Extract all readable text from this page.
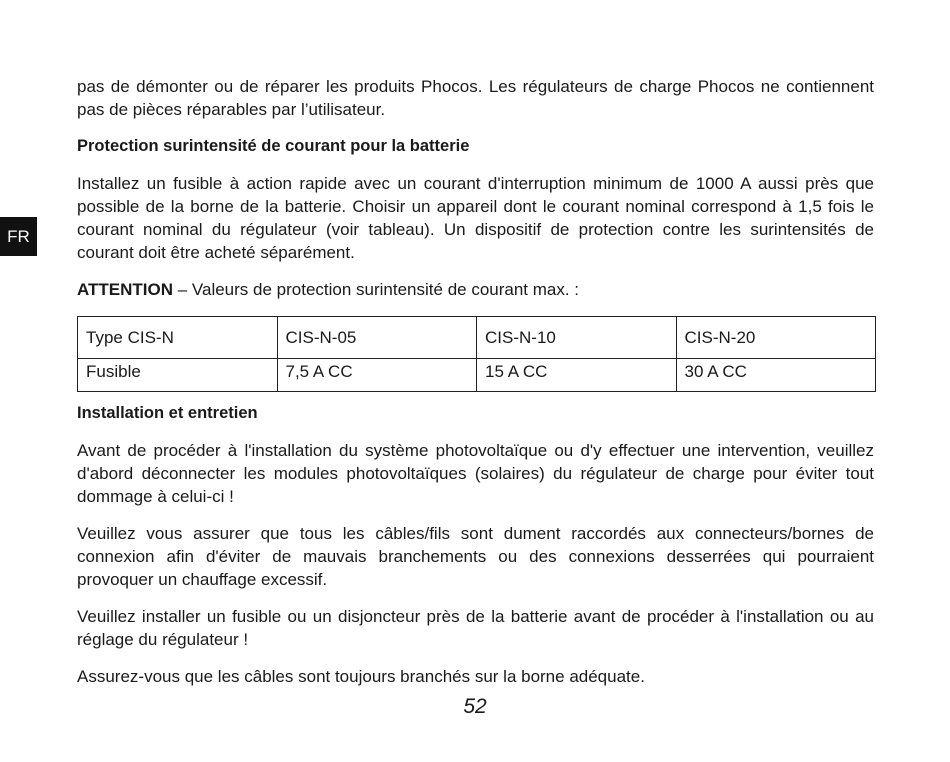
FR

pas de démonter ou de réparer les produits Phocos. Les régulateurs de charge Phocos ne contiennent pas de pièces réparables par l’utilisateur.

Protection surintensité de courant pour la batterie

Installez un fusible à action rapide avec un courant d'interruption minimum de 1000 A aussi près que possible de la borne de la batterie. Choisir un appareil dont le courant nominal correspond à 1,5 fois le courant nominal du régulateur (voir tableau). Un dispositif de protection contre les surintensités de courant doit être acheté séparément.

ATTENTION – Valeurs de protection surintensité de courant max. :

Type CIS-N	CIS-N-05	CIS-N-10	CIS-N-20
Fusible	7,5 A CC	15 A CC	30 A CC

Installation et entretien

Avant de procéder à l'installation du système photovoltaïque ou d'y effectuer une intervention, veuillez d'abord déconnecter les modules photovoltaïques (solaires) du régulateur de charge pour éviter tout dommage à celui-ci !

Veuillez vous assurer que tous les câbles/fils sont dument raccordés aux connecteurs/bornes de connexion afin d'éviter de mauvais branchements ou des connexions desserrées qui pourraient provoquer un chauffage excessif.

Veuillez installer un fusible ou un disjoncteur près de la batterie avant de procéder à l'installation ou au réglage du régulateur !

Assurez-vous que les câbles sont toujours branchés sur la borne adéquate.

52
